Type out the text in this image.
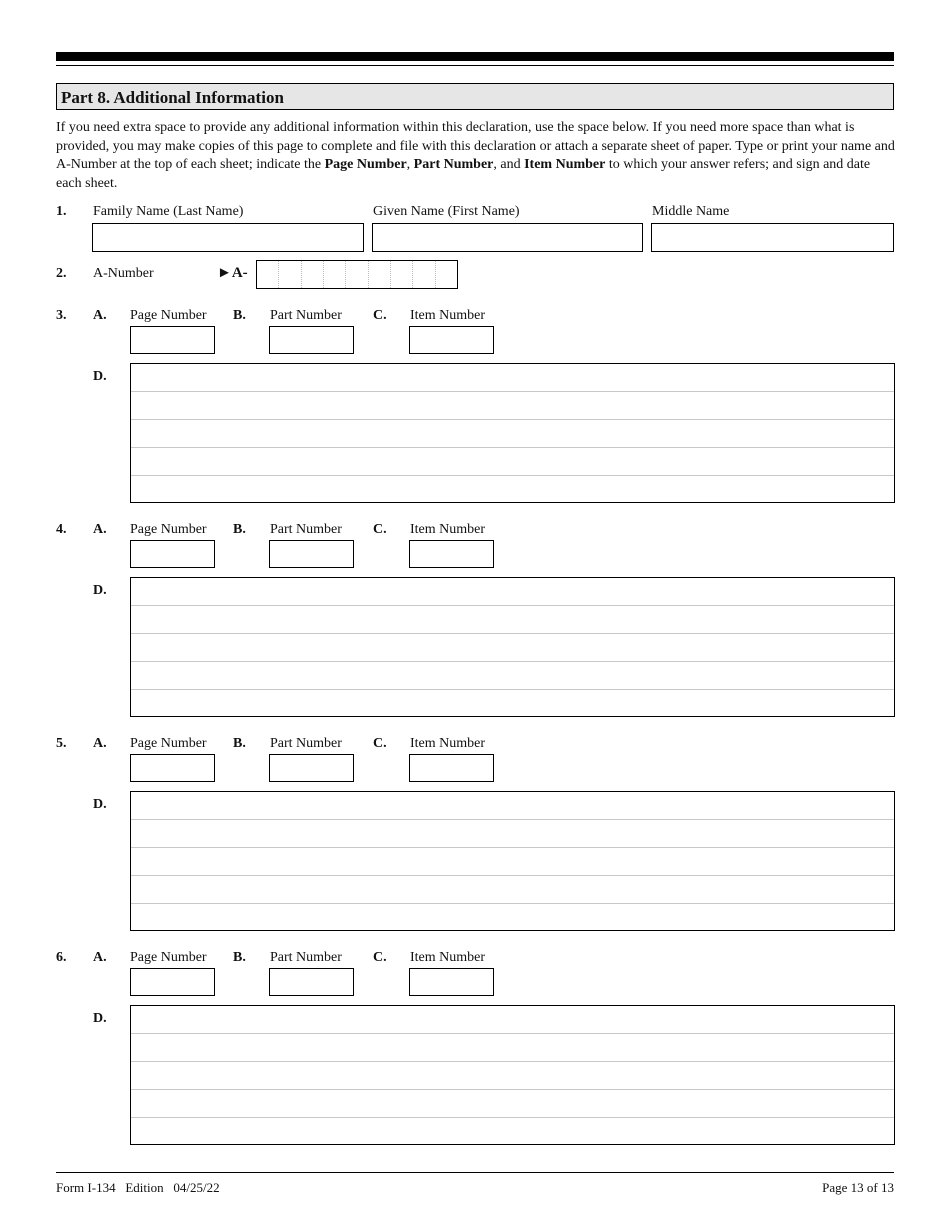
Part 8. Additional Information
If you need extra space to provide any additional information within this declaration, use the space below. If you need more space than what is provided, you may make copies of this page to complete and file with this declaration or attach a separate sheet of paper. Type or print your name and A-Number at the top of each sheet; indicate the Page Number, Part Number, and Item Number to which your answer refers; and sign and date each sheet.
1. Family Name (Last Name)	Given Name (First Name)	Middle Name
2. A-Number	►A-
3. A. Page Number B. Part Number C. Item Number
D.
4. A. Page Number B. Part Number C. Item Number
D.
5. A. Page Number B. Part Number C. Item Number
D.
6. A. Page Number B. Part Number C. Item Number
D.
Form I-134   Edition   04/25/22	Page 13 of 13
